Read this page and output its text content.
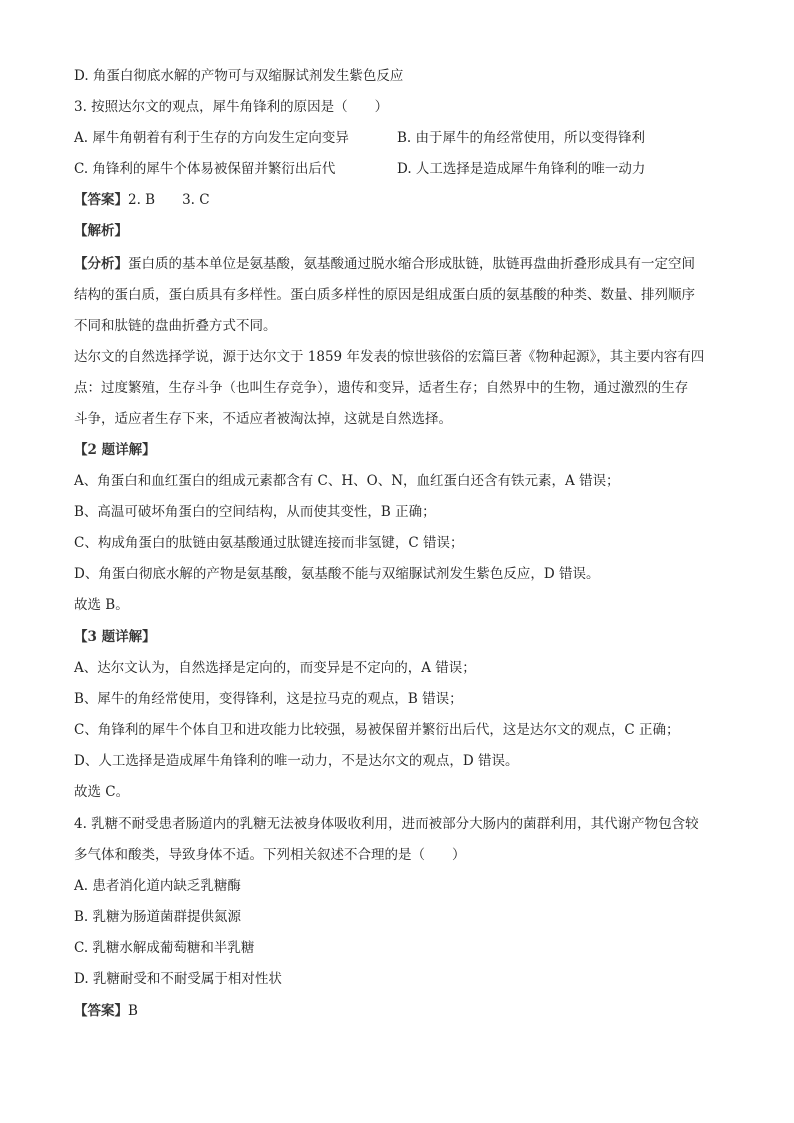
D. 角蛋白彻底水解的产物可与双缩脲试剂发生紫色反应
3. 按照达尔文的观点，犀牛角锋利的原因是（　　）
A. 犀牛角朝着有利于生存的方向发生定向变异	B. 由于犀牛的角经常使用，所以变得锋利
C. 角锋利的犀牛个体易被保留并繁衍出后代	D. 人工选择是造成犀牛角锋利的唯一动力
【答案】2. B　　3. C
【解析】
【分析】蛋白质的基本单位是氨基酸，氨基酸通过脱水缩合形成肽链，肽链再盘曲折叠形成具有一定空间
结构的蛋白质，蛋白质具有多样性。蛋白质多样性的原因是组成蛋白质的氨基酸的种类、数量、排列顺序
不同和肽链的盘曲折叠方式不同。
达尔文的自然选择学说，源于达尔文于 1859 年发表的惊世骇俗的宏篇巨著《物种起源》，其主要内容有四
点：过度繁殖，生存斗争（也叫生存竞争），遗传和变异，适者生存；自然界中的生物，通过激烈的生存
斗争，适应者生存下来，不适应者被淘汰掉，这就是自然选择。
【2 题详解】
A、角蛋白和血红蛋白的组成元素都含有 C、H、O、N，血红蛋白还含有铁元素，A 错误；
B、高温可破坏角蛋白的空间结构，从而使其变性，B 正确；
C、构成角蛋白的肽链由氨基酸通过肽键连接而非氢键，C 错误；
D、角蛋白彻底水解的产物是氨基酸，氨基酸不能与双缩脲试剂发生紫色反应，D 错误。
故选 B。
【3 题详解】
A、达尔文认为，自然选择是定向的，而变异是不定向的，A 错误；
B、犀牛的角经常使用，变得锋利，这是拉马克的观点，B 错误；
C、角锋利的犀牛个体自卫和进攻能力比较强，易被保留并繁衍出后代，这是达尔文的观点，C 正确；
D、人工选择是造成犀牛角锋利的唯一动力，不是达尔文的观点，D 错误。
故选 C。
4. 乳糖不耐受患者肠道内的乳糖无法被身体吸收利用，进而被部分大肠内的菌群利用，其代谢产物包含较
多气体和酸类，导致身体不适。下列相关叙述不合理的是（　　）
A. 患者消化道内缺乏乳糖酶
B. 乳糖为肠道菌群提供氮源
C. 乳糖水解成葡萄糖和半乳糖
D. 乳糖耐受和不耐受属于相对性状
【答案】B
